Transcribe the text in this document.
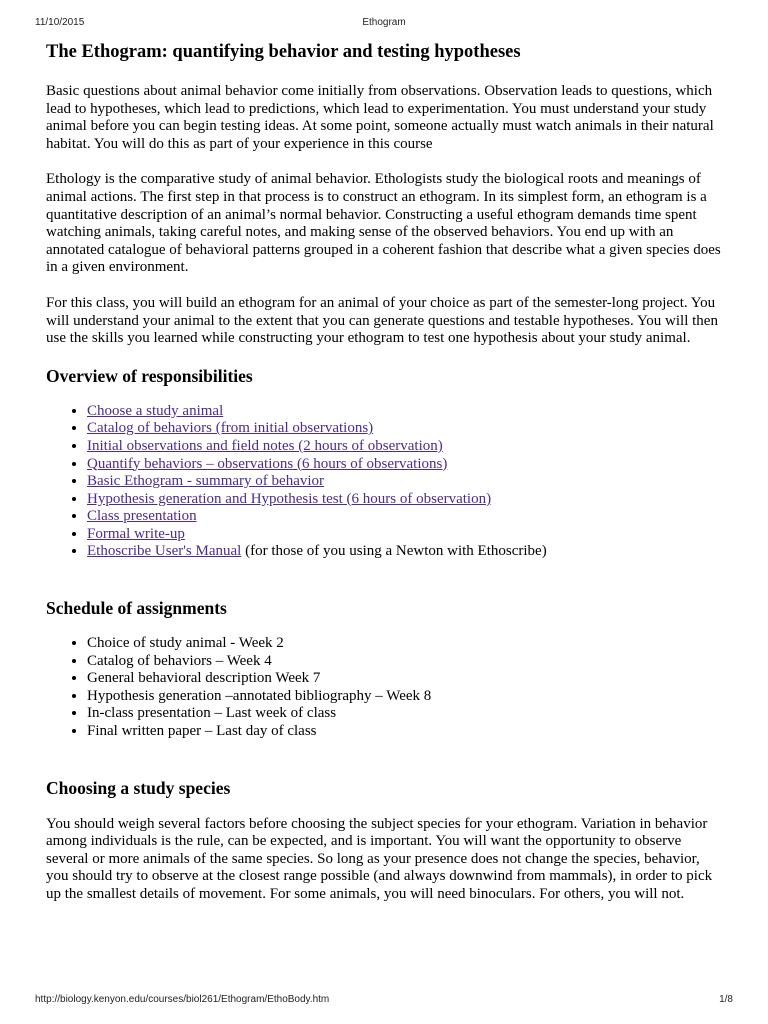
11/10/2015	Ethogram
The Ethogram: quantifying behavior and testing hypotheses

Basic questions about animal behavior come initially from observations. Observation leads to questions, which lead to hypotheses, which lead to predictions, which lead to experimentation. You must understand your study animal before you can begin testing ideas. At some point, someone actually must watch animals in their natural habitat. You will do this as part of your experience in this course

Ethology is the comparative study of animal behavior. Ethologists study the biological roots and meanings of animal actions. The first step in that process is to construct an ethogram. In its simplest form, an ethogram is a quantitative description of an animal’s normal behavior. Constructing a useful ethogram demands time spent watching animals, taking careful notes, and making sense of the observed behaviors. You end up with an annotated catalogue of behavioral patterns grouped in a coherent fashion that describe what a given species does in a given environment.

For this class, you will build an ethogram for an animal of your choice as part of the semester-long project. You will understand your animal to the extent that you can generate questions and testable hypotheses. You will then use the skills you learned while constructing your ethogram to test one hypothesis about your study animal.

Overview of responsibilities
• Choose a study animal
• Catalog of behaviors (from initial observations)
• Initial observations and field notes (2 hours of observation)
• Quantify behaviors – observations (6 hours of observations)
• Basic Ethogram - summary of behavior
• Hypothesis generation and Hypothesis test (6 hours of observation)
• Class presentation
• Formal write-up
• Ethoscribe User's Manual (for those of you using a Newton with Ethoscribe)
Schedule of assignments
• Choice of study animal - Week 2
• Catalog of behaviors – Week 4
• General behavioral description Week 7
• Hypothesis generation –annotated bibliography – Week 8
• In-class presentation – Last week of class
• Final written paper – Last day of class
Choosing a study species

You should weigh several factors before choosing the subject species for your ethogram. Variation in behavior among individuals is the rule, can be expected, and is important. You will want the opportunity to observe several or more animals of the same species. So long as your presence does not change the species, behavior, you should try to observe at the closest range possible (and always downwind from mammals), in order to pick up the smallest details of movement. For some animals, you will need binoculars. For others, you will not.

http://biology.kenyon.edu/courses/biol261/Ethogram/EthoBody.htm	1/8
